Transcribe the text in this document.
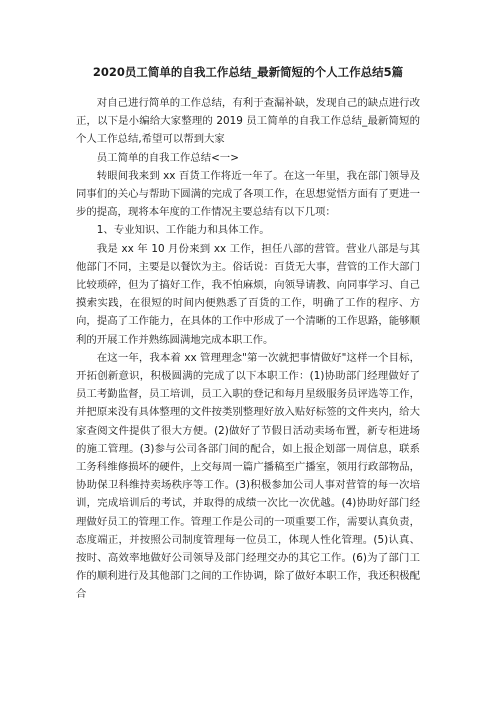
2020员工简单的自我工作总结_最新简短的个人工作总结5篇

对自己进行简单的工作总结，有利于查漏补缺，发现自己的缺点进行改正，以下是小编给大家整理的 2019 员工简单的自我工作总结_最新简短的个人工作总结,希望可以帮到大家

员工简单的自我工作总结<一>

转眼间我来到 xx 百货工作将近一年了。在这一年里，我在部门领导及同事们的关心与帮助下圆满的完成了各项工作，在思想觉悟方面有了更进一步的提高，现将本年度的工作情况主要总结有以下几项：

1、专业知识、工作能力和具体工作。

我是 xx 年 10 月份来到 xx 工作，担任八部的营管。营业八部是与其他部门不同，主要是以餐饮为主。俗话说：百货无大事，营管的工作大部门比较琐碎，但为了搞好工作，我不怕麻烦，向领导请教、向同事学习、自己摸索实践，在很短的时间内便熟悉了百货的工作，明确了工作的程序、方向，提高了工作能力，在具体的工作中形成了一个清晰的工作思路，能够顺利的开展工作并熟练圆满地完成本职工作。

在这一年，我本着 xx 管理理念"第一次就把事情做好"这样一个目标，开拓创新意识，积极圆满的完成了以下本职工作：(1)协助部门经理做好了员工考勤监督，员工培训，员工入职的登记和每月星级服务员评选等工作，并把原来没有具体整理的文件按类别整理好放入贴好标签的文件夹内，给大家查阅文件提供了很大方便。(2)做好了节假日活动卖场布置，新专柜进场的施工管理。(3)参与公司各部门间的配合，如上报企划部一周信息，联系工务科维修损坏的硬件，上交每周一篇广播稿至广播室，领用行政部物品，协助保卫科维持卖场秩序等工作。(3)积极参加公司人事对营管的每一次培训，完成培训后的考试，并取得的成绩一次比一次优越。(4)协助好部门经理做好员工的管理工作。管理工作是公司的一项重要工作，需要认真负责，态度端正，并按照公司制度管理每一位员工，体现人性化管理。(5)认真、按时、高效率地做好公司领导及部门经理交办的其它工作。(6)为了部门工作的顺利进行及其他部门之间的工作协调，除了做好本职工作，我还积极配合
